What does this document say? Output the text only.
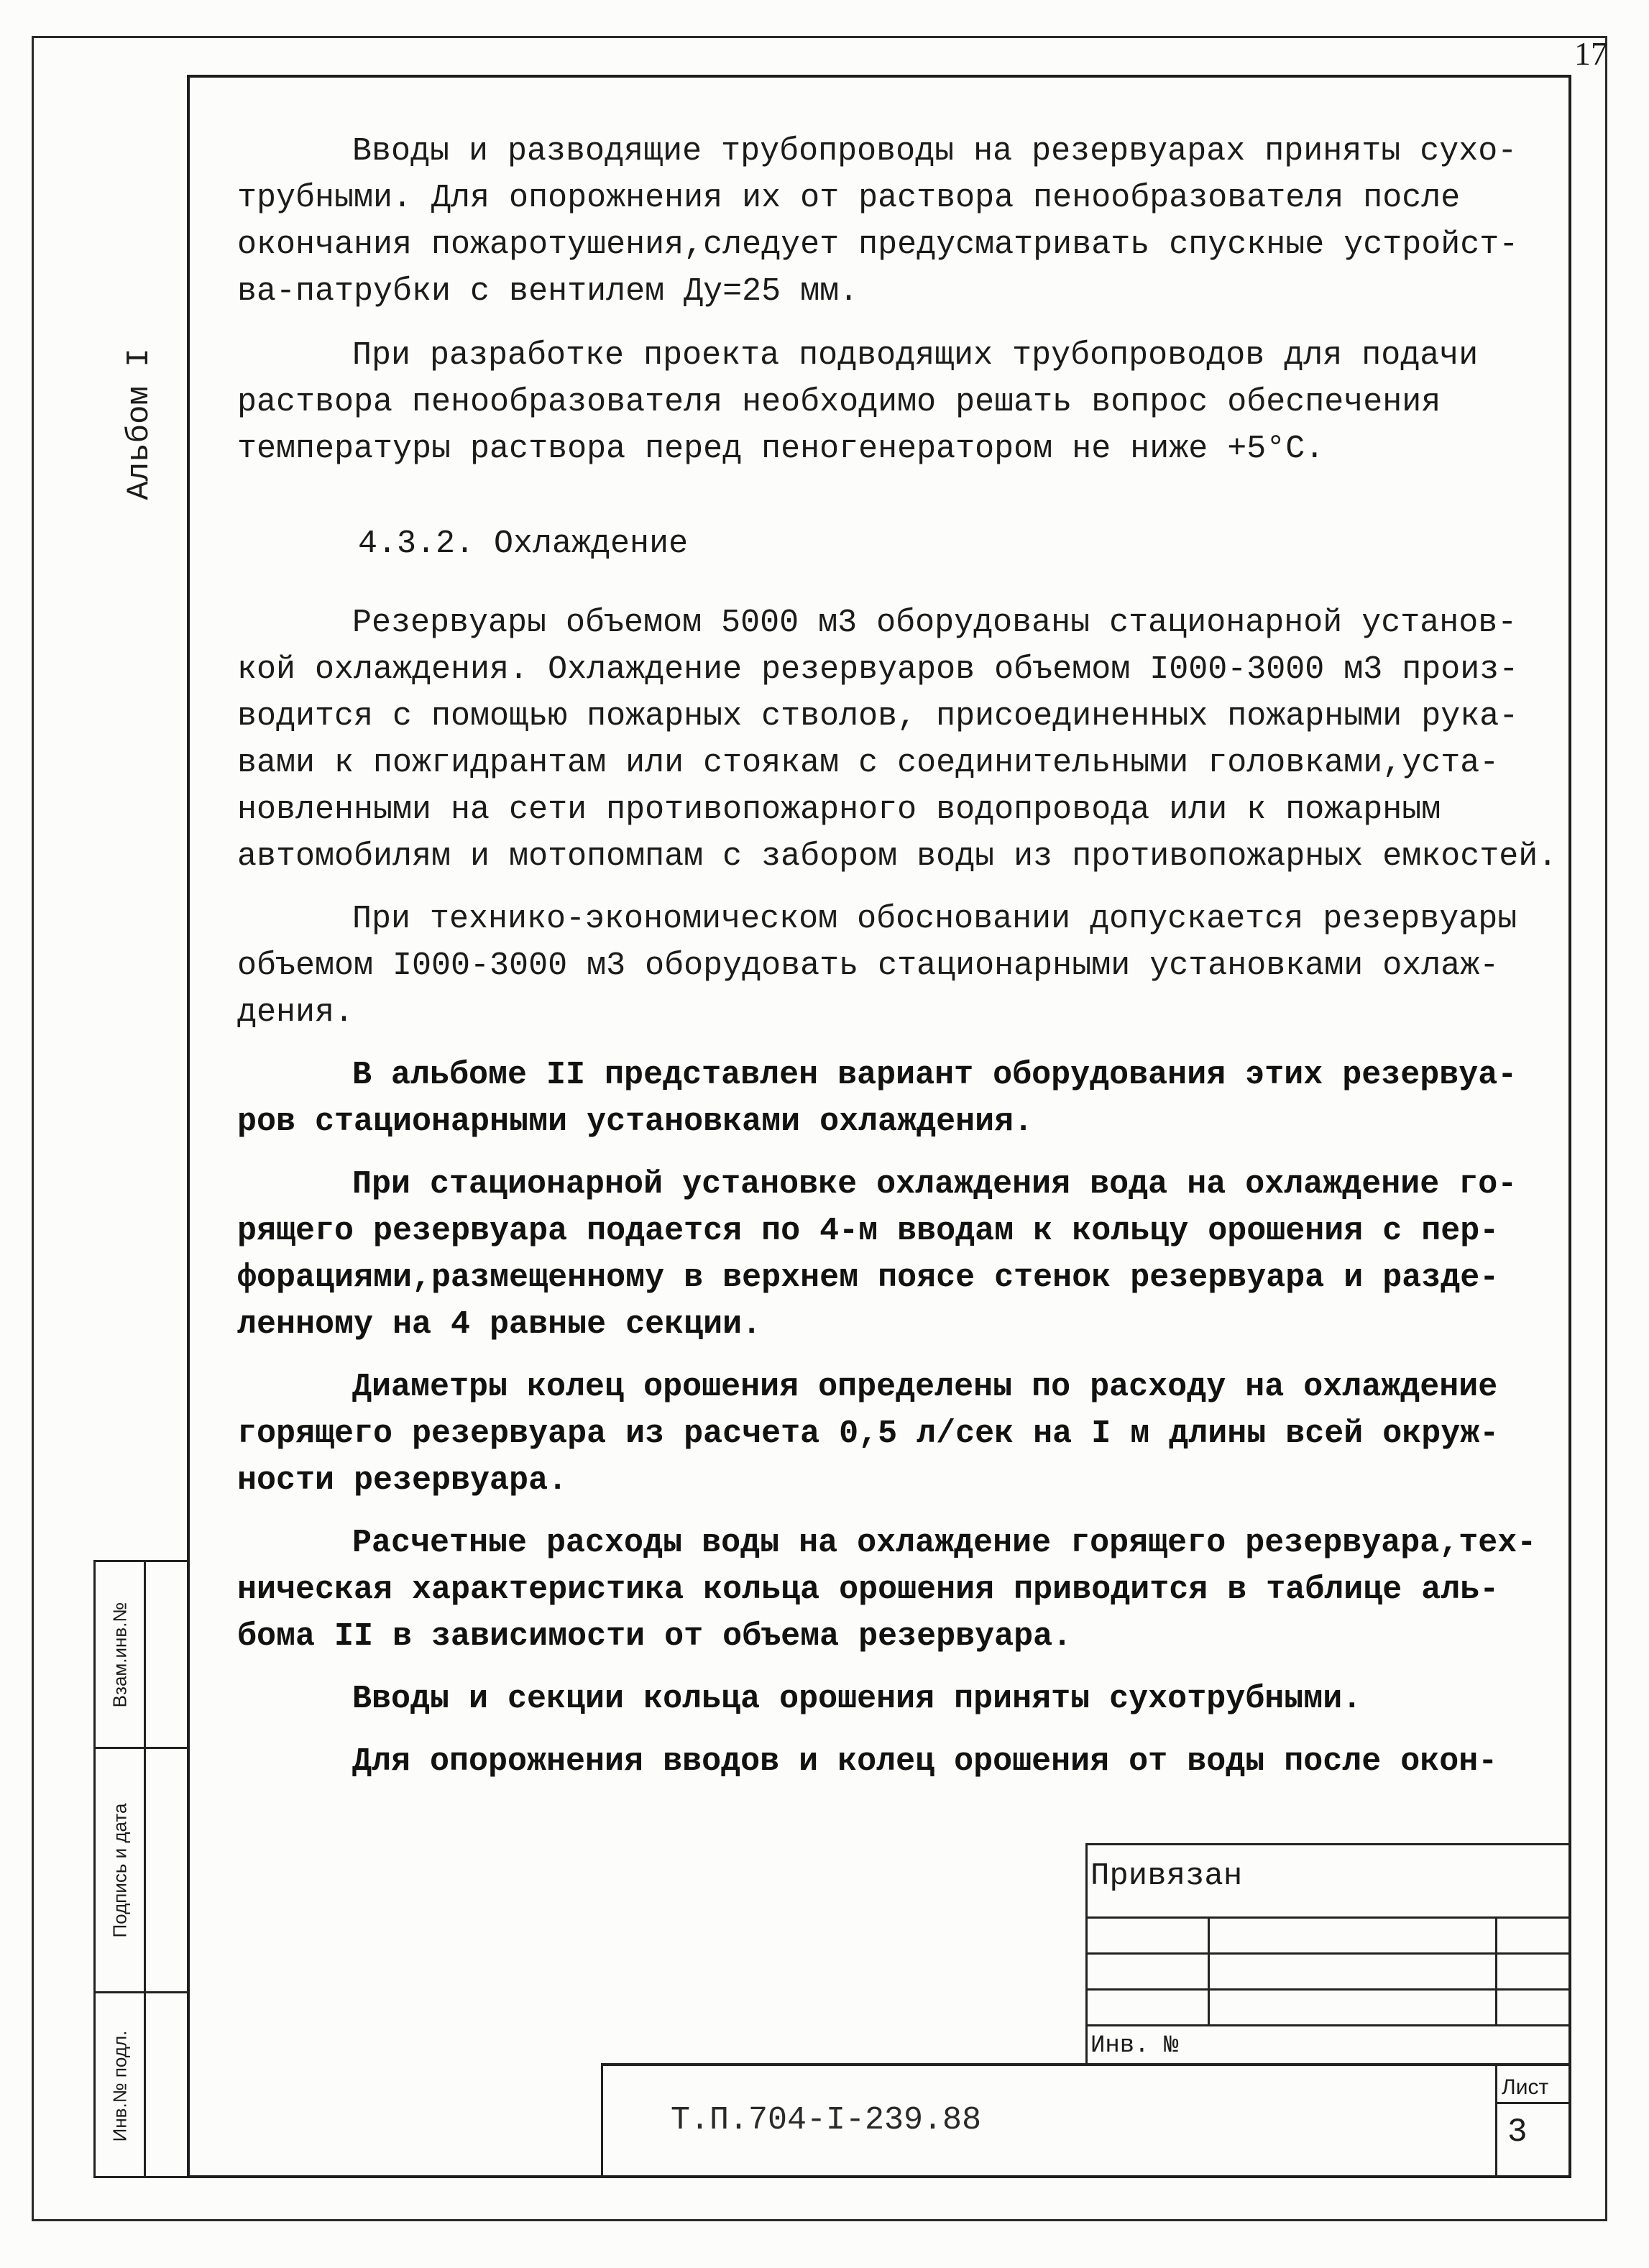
17
Альбом I

Вводы и разводящие трубопроводы на резервуарах приняты сухо-
трубными. Для опорожнения их от раствора пенообразователя после
окончания пожаротушения,следует предусматривать спускные устройст-
ва-патрубки с вентилем Ду=25 мм.

При разработке проекта подводящих трубопроводов для подачи
раствора пенообразователя необходимо решать вопрос обеспечения
температуры раствора перед пеногенератором не ниже +5°С.

4.3.2. Охлаждение

Резервуары объемом 5000 м3 оборудованы стационарной установ-
кой охлаждения. Охлаждение резервуаров объемом I000-3000 м3 произ-
водится с помощью пожарных стволов, присоединенных пожарными рука-
вами к пожгидрантам или стоякам с соединительными головками,уста-
новленными на сети противопожарного водопровода или к пожарным
автомобилям и мотопомпам с забором воды из противопожарных емкостей.

При технико-экономическом обосновании допускается резервуары
объемом I000-3000 м3 оборудовать стационарными установками охлаж-
дения.

В альбоме II представлен вариант оборудования этих резервуа-
ров стационарными установками охлаждения.

При стационарной установке охлаждения вода на охлаждение го-
рящего резервуара подается по 4-м вводам к кольцу орошения с пер-
форациями,размещенному в верхнем поясе стенок резервуара и разде-
ленному на 4 равные секции.

Диаметры колец орошения определены по расходу на охлаждение
горящего резервуара из расчета 0,5 л/сек на I м длины всей окруж-
ности резервуара.

Расчетные расходы воды на охлаждение горящего резервуара,тех-
ническая характеристика кольца орошения приводится в таблице аль-
бома II в зависимости от объема резервуара.

Вводы и секции кольца орошения приняты сухотрубными.

Для опорожнения вводов и колец орошения от воды после окон-

Взам.инв.№
Подпись и дата
Инв.№ подл.
Привязан
Инв. №
Т.П.704-I-239.88
Лист
3
